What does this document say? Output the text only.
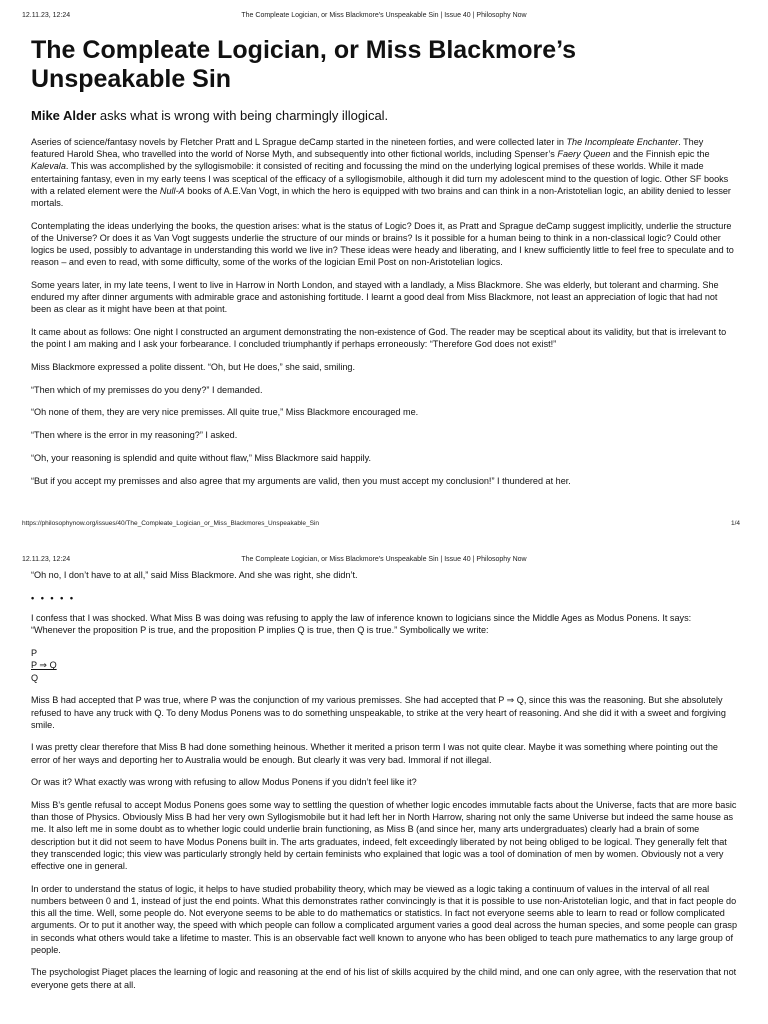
12.11.23, 12:24	The Compleate Logician, or Miss Blackmore’s Unspeakable Sin | Issue 40 | Philosophy Now
The Compleate Logician, or Miss Blackmore’s Unspeakable Sin
Mike Alder asks what is wrong with being charmingly illogical.

Aseries of science/fantasy novels by Fletcher Pratt and L Sprague deCamp started in the nineteen forties, and were collected later in The Incompleate Enchanter. They featured Harold Shea, who travelled into the world of Norse Myth, and subsequently into other fictional worlds, including Spenser’s Faery Queen and the Finnish epic the Kalevala. This was accomplished by the syllogismobile: it consisted of reciting and focussing the mind on the underlying logical premises of these worlds. While it made entertaining fantasy, even in my early teens I was sceptical of the efficacy of a syllogismobile, although it did turn my adolescent mind to the question of logic. Other SF books with a related element were the Null-A books of A.E.Van Vogt, in which the hero is equipped with two brains and can think in a non-Aristotelian logic, an ability denied to lesser mortals.

Contemplating the ideas underlying the books, the question arises: what is the status of Logic? Does it, as Pratt and Sprague deCamp suggest implicitly, underlie the structure of the Universe? Or does it as Van Vogt suggests underlie the structure of our minds or brains? Is it possible for a human being to think in a non-classical logic? Could other logics be used, possibly to advantage in understanding this world we live in? These ideas were heady and liberating, and I knew sufficiently little to feel free to speculate and to reason – and even to read, with some difficulty, some of the works of the logician Emil Post on non-Aristotelian logics.

Some years later, in my late teens, I went to live in Harrow in North London, and stayed with a landlady, a Miss Blackmore. She was elderly, but tolerant and charming. She endured my after dinner arguments with admirable grace and astonishing fortitude. I learnt a good deal from Miss Blackmore, not least an appreciation of logic that had not been as clear as it might have been at that point.

It came about as follows: One night I constructed an argument demonstrating the non-existence of God. The reader may be sceptical about its validity, but that is irrelevant to the point I am making and I ask your forbearance. I concluded triumphantly if perhaps erroneously: “Therefore God does not exist!”

Miss Blackmore expressed a polite dissent. “Oh, but He does,” she said, smiling.

“Then which of my premisses do you deny?” I demanded.

“Oh none of them, they are very nice premisses. All quite true,” Miss Blackmore encouraged me.

“Then where is the error in my reasoning?” I asked.

“Oh, your reasoning is splendid and quite without flaw,” Miss Blackmore said happily.

“But if you accept my premisses and also agree that my arguments are valid, then you must accept my conclusion!” I thundered at her.

https://philosophynow.org/issues/40/The_Compleate_Logician_or_Miss_Blackmores_Unspeakable_Sin	1/4
12.11.23, 12:24	The Compleate Logician, or Miss Blackmore’s Unspeakable Sin | Issue 40 | Philosophy Now

“Oh no, I don’t have to at all,” said Miss Blackmore. And she was right, she didn’t.

• • • • •

I confess that I was shocked. What Miss B was doing was refusing to apply the law of inference known to logicians since the Middle Ages as Modus Ponens. It says: “Whenever the proposition P is true, and the proposition P implies Q is true, then Q is true.” Symbolically we write:

P
P ⇒ Q
Q

Miss B had accepted that P was true, where P was the conjunction of my various premisses. She had accepted that P ⇒ Q, since this was the reasoning. But she absolutely refused to have any truck with Q. To deny Modus Ponens was to do something unspeakable, to strike at the very heart of reasoning. And she did it with a sweet and forgiving smile.

I was pretty clear therefore that Miss B had done something heinous. Whether it merited a prison term I was not quite clear. Maybe it was something where pointing out the error of her ways and deporting her to Australia would be enough. But clearly it was very bad. Immoral if not illegal.

Or was it? What exactly was wrong with refusing to allow Modus Ponens if you didn’t feel like it?

Miss B’s gentle refusal to accept Modus Ponens goes some way to settling the question of whether logic encodes immutable facts about the Universe, facts that are more basic than those of Physics. Obviously Miss B had her very own Syllogismobile but it had left her in North Harrow, sharing not only the same Universe but indeed the same house as me. It also left me in some doubt as to whether logic could underlie brain functioning, as Miss B (and since her, many arts undergraduates) clearly had a brain of some description but it did not seem to have Modus Ponens built in. The arts graduates, indeed, felt exceedingly liberated by not being obliged to be logical. They generally felt that they transcended logic; this view was particularly strongly held by certain feminists who explained that logic was a tool of domination of men by women. Obviously not a very effective one in general.

In order to understand the status of logic, it helps to have studied probability theory, which may be viewed as a logic taking a continuum of values in the interval of all real numbers between 0 and 1, instead of just the end points. What this demonstrates rather convincingly is that it is possible to use non-Aristotelian logic, and that in fact people do this all the time. Well, some people do. Not everyone seems to be able to do mathematics or statistics. In fact not everyone seems able to learn to read or follow complicated arguments. Or to put it another way, the speed with which people can follow a complicated argument varies a good deal across the human species, and some people can grasp in seconds what others would take a lifetime to master. This is an observable fact well known to anyone who has been obliged to teach pure mathematics to any large group of people.

The psychologist Piaget places the learning of logic and reasoning at the end of his list of skills acquired by the child mind, and one can only agree, with the reservation that not everyone gets there at all.
